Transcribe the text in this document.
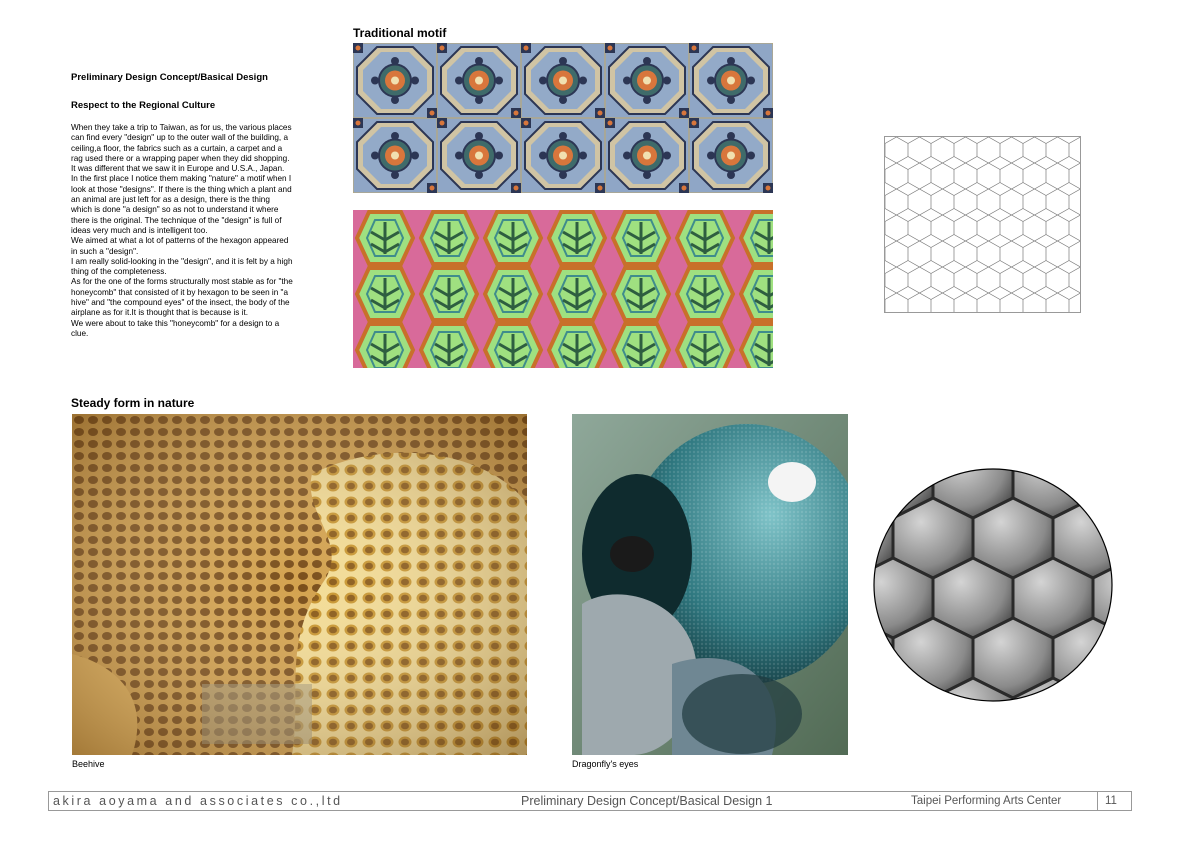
Preliminary Design Concept/Basical Design
Respect to the Regional Culture

When they take a trip to Taiwan, as for us, the various places can find every "design" up to the outer wall of the building, a ceiling,a floor, the fabrics such as a curtain, a carpet and a rag used there or a wrapping paper when they did shopping. It was different that we saw it in Europe and U.S.A., Japan.

In the first place I notice them making "nature" a motif when I look at those "designs". If there is the thing which a plant and an animal are just left for as a design, there is the thing which is done "a design" so as not to understand it where there is the original. The technique of the "design" is full of ideas very much and is intelligent too.

We aimed at what a lot of patterns of the hexagon appeared in such a "design".

I am really solid-looking in the "design", and it is felt by a high thing of the completeness.

As for the one of the forms structurally most stable as for "the honeycomb" that consisted of it by hexagon to be seen in "a hive" and "the compound eyes" of the insect, the body of the airplane as for it.It is thought that is because is it.

We were about to take this "honeycomb" for a design to a clue.

Traditional motif
Steady form in nature
Beehive	Dragonfly's eyes
akira aoyama and associates co.,ltd	Preliminary Design Concept/Basical Design 1	Taipei Performing Arts Center	11
